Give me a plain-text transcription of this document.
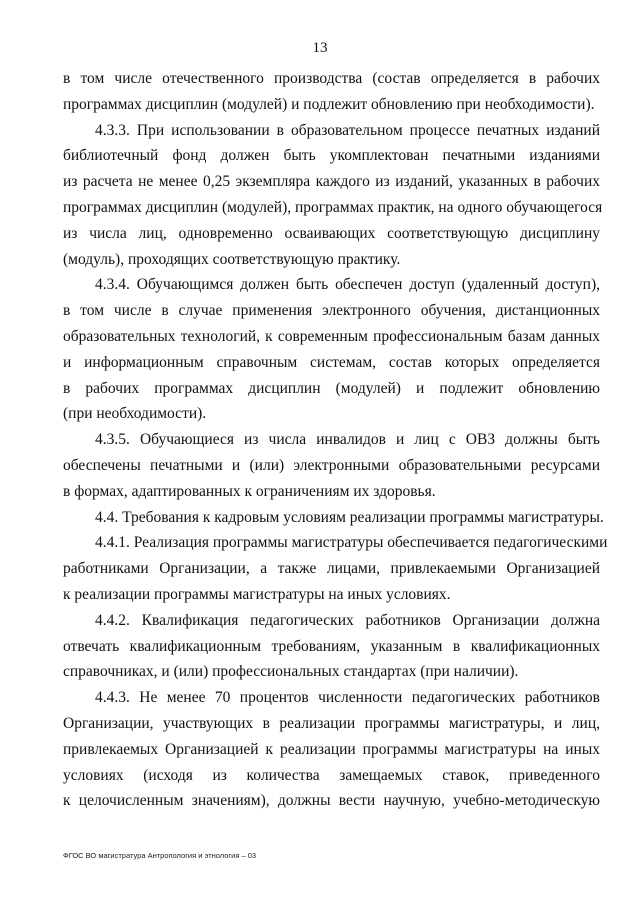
13
в том числе отечественного производства (состав определяется в рабочих
программах дисциплин (модулей) и подлежит обновлению при необходимости).
4.3.3. При использовании в образовательном процессе печатных изданий
библиотечный фонд должен быть укомплектован печатными изданиями
из расчета не менее 0,25 экземпляра каждого из изданий, указанных в рабочих
программах дисциплин (модулей), программах практик, на одного обучающегося
из числа лиц, одновременно осваивающих соответствующую дисциплину
(модуль), проходящих соответствующую практику.
4.3.4. Обучающимся должен быть обеспечен доступ (удаленный доступ),
в том числе в случае применения электронного обучения, дистанционных
образовательных технологий, к современным профессиональным базам данных
и информационным справочным системам, состав которых определяется
в рабочих программах дисциплин (модулей) и подлежит обновлению
(при необходимости).
4.3.5. Обучающиеся из числа инвалидов и лиц с ОВЗ должны быть
обеспечены печатными и (или) электронными образовательными ресурсами
в формах, адаптированных к ограничениям их здоровья.
4.4. Требования к кадровым условиям реализации программы магистратуры.
4.4.1. Реализация программы магистратуры обеспечивается педагогическими
работниками Организации, а также лицами, привлекаемыми Организацией
к реализации программы магистратуры на иных условиях.
4.4.2. Квалификация педагогических работников Организации должна
отвечать квалификационным требованиям, указанным в квалификационных
справочниках, и (или) профессиональных стандартах (при наличии).
4.4.3. Не менее 70 процентов численности педагогических работников
Организации, участвующих в реализации программы магистратуры, и лиц,
привлекаемых Организацией к реализации программы магистратуры на иных
условиях (исходя из количества замещаемых ставок, приведенного
к целочисленным значениям), должны вести научную, учебно-методическую
ФГОС ВО магистратура Антропология и этнология – 03
